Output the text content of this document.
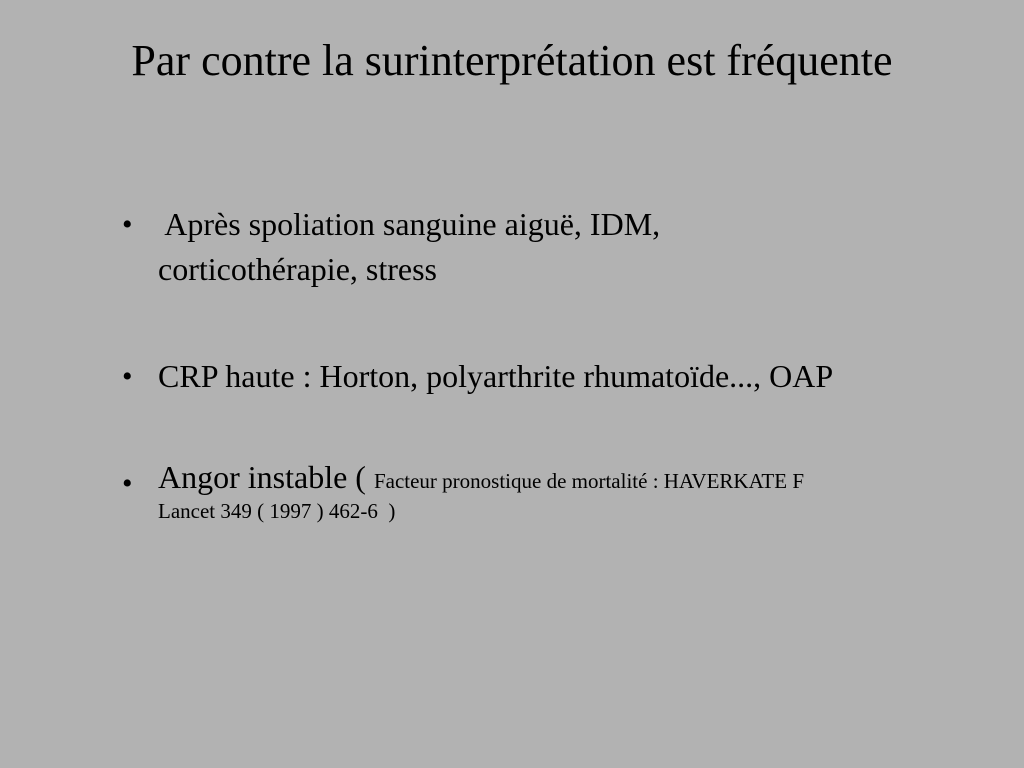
Par contre la surinterprétation est fréquente
• Après spoliation sanguine aiguë, IDM,
corticothérapie, stress
• CRP haute : Horton, polyarthrite rhumatoïde..., OAP
• Angor instable ( Facteur pronostique de mortalité : HAVERKATE F
Lancet 349 ( 1997 ) 462-6  )
